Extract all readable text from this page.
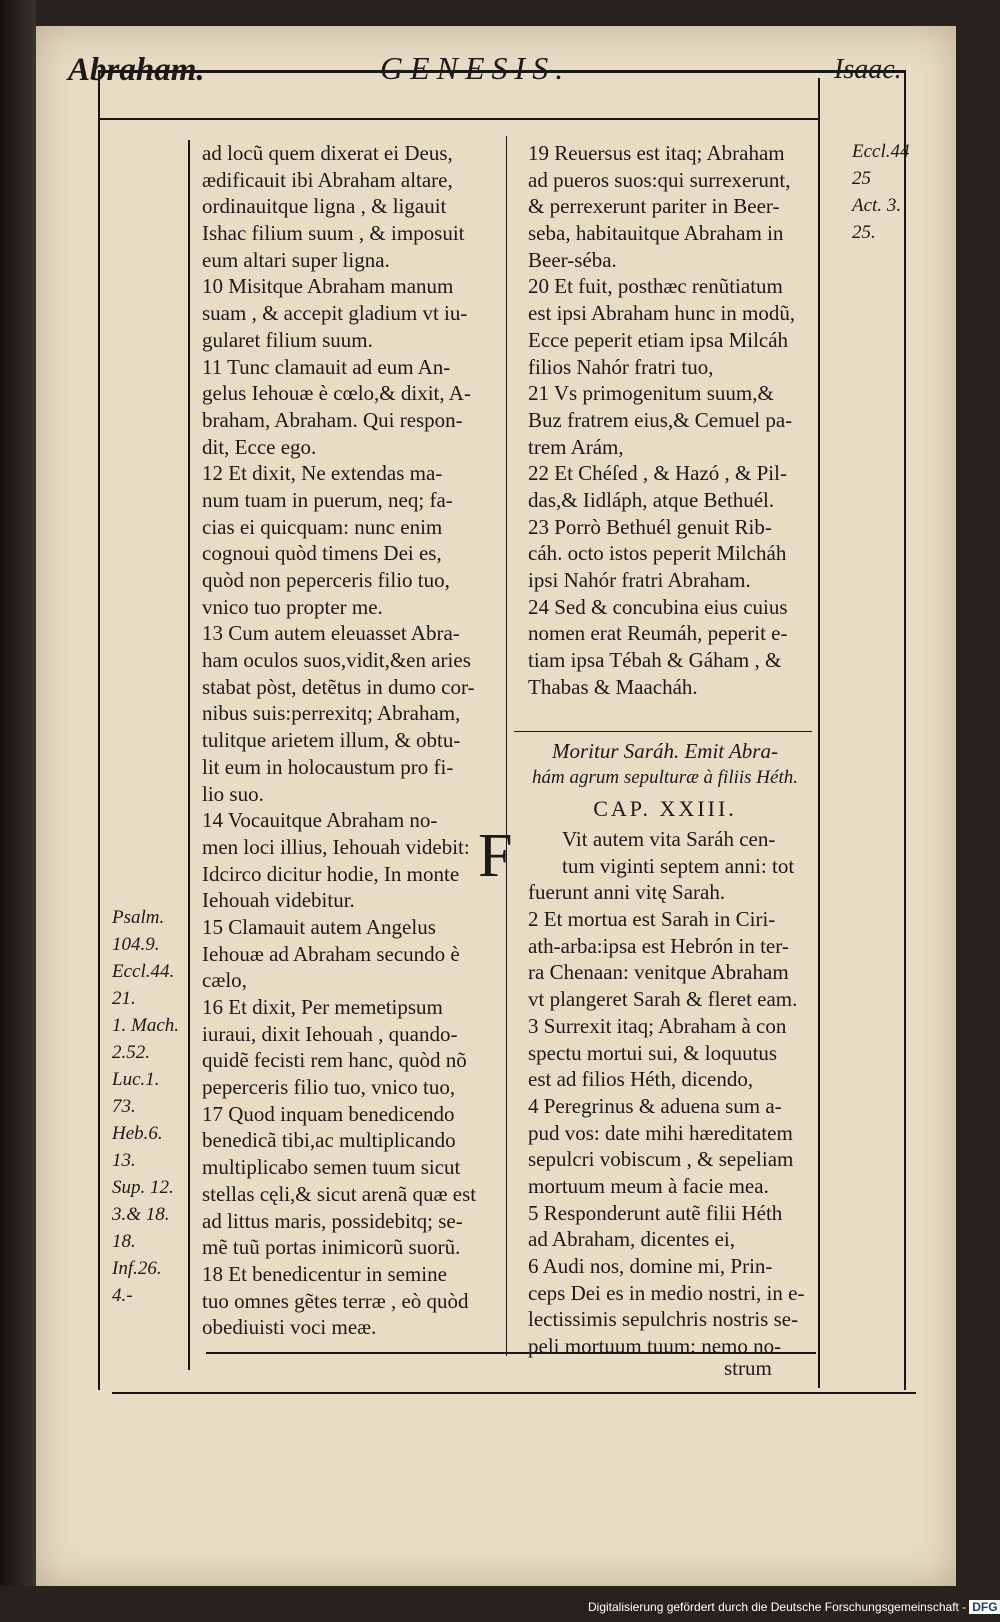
Abraham.	GENESIS.	Isaac.
Psalm.
104.9.
Eccl.44.
21.
1. Mach.
2.52.
Luc.1.
73.
Heb.6.
13.
Sup. 12.
3.& 18.
18.
Inf.26.
4.-
Eccl.44
25
Act. 3.
25.
ad locũ quem dixerat ei Deus,
ædificauit ibi Abraham altare,
ordinauitque ligna , & ligauit
Ishac filium suum , & imposuit
eum altari super ligna.
10 Misitque Abraham manum
suam , & accepit gladium vt iu-
gularet filium suum.
11 Tunc clamauit ad eum An-
gelus Iehouæ è cœlo,& dixit, A-
braham, Abraham. Qui respon-
dit, Ecce ego.
12 Et dixit, Ne extendas ma-
num tuam in puerum, neq; fa-
cias ei quicquam: nunc enim
cognoui quòd timens Dei es,
quòd non peperceris filio tuo,
vnico tuo propter me.
13 Cum autem eleuasset Abra-
ham oculos suos,vidit,&en aries
stabat pòst, detẽtus in dumo cor-
nibus suis:perrexitq; Abraham,
tulitque arietem illum, & obtu-
lit eum in holocaustum pro fi-
lio suo.
14 Vocauitque Abraham no-
men loci illius, Iehouah videbit:
Idcirco dicitur hodie, In monte
Iehouah videbitur.
15 Clamauit autem Angelus
Iehouæ ad Abraham secundo è
cælo,
16 Et dixit, Per memetipsum
iuraui, dixit Iehouah , quando-
quidẽ fecisti rem hanc, quòd nõ
peperceris filio tuo, vnico tuo,
17 Quod inquam benedicendo
benedicã tibi,ac multiplicando
multiplicabo semen tuum sicut
stellas cęli,& sicut arenã quæ est
ad littus maris, possidebitq; se-
mẽ tuũ portas inimicorũ suorũ.
18 Et benedicentur in semine
tuo omnes gẽtes terræ , eò quòd
obediuisti voci meæ.
19 Reuersus est itaq; Abraham
ad pueros suos:qui surrexerunt,
& perrexerunt pariter in Beer-
seba, habitauitque Abraham in
Beer-séba.
20 Et fuit, posthæc renũtiatum
est ipsi Abraham hunc in modũ,
Ecce peperit etiam ipsa Milcáh
filios Nahór fratri tuo,
21 Vs primogenitum suum,&
Buz fratrem eius,& Cemuel pa-
trem Arám,
22 Et Chéſed , & Hazó , & Pil-
das,& Iidláph, atque Bethuél.
23 Porrò Bethuél genuit Rib-
cáh. octo istos peperit Milcháh
ipsi Nahór fratri Abraham.
24 Sed & concubina eius cuius
nomen erat Reumáh, peperit e-
tiam ipsa Tébah & Gáham , &
Thabas & Maacháh.
Moritur Saráh. Emit Abra-
hám agrum sepulturæ à filiis Héth.
CAP. XXIII.
F	Vit autem vita Saráh cen-
tum viginti septem anni: tot
fuerunt anni vitę Sarah.
2 Et mortua est Sarah in Ciri-
ath-arba:ipsa est Hebrón in ter-
ra Chenaan: venitque Abraham
vt plangeret Sarah & fleret eam.
3 Surrexit itaq; Abraham à con
spectu mortui sui, & loquutus
est ad filios Héth, dicendo,
4 Peregrinus & aduena sum a-
pud vos: date mihi hæreditatem
sepulcri vobiscum , & sepeliam
mortuum meum à facie mea.
5 Responderunt autẽ filii Héth
ad Abraham, dicentes ei,
6 Audi nos, domine mi, Prin-
ceps Dei es in medio nostri, in e-
lectissimis sepulchris nostris se-
peli mortuum tuum: nemo no-
strum
Digitalisierung gefördert durch die Deutsche Forschungsgemeinschaft - DFG
